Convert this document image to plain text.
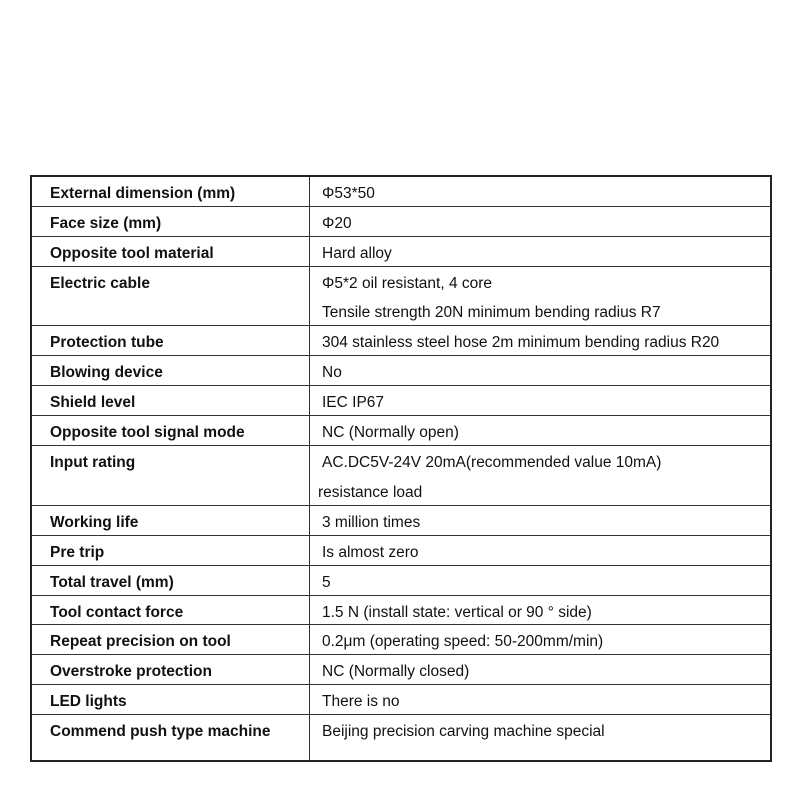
External dimension (mm)	Φ53*50
Face size (mm)	Φ20
Opposite tool material	Hard alloy
Electric cable	Φ5*2 oil resistant, 4 core
Tensile strength 20N minimum bending radius R7
Protection tube	304 stainless steel hose 2m minimum bending radius R20
Blowing device	No
Shield level	IEC IP67
Opposite tool signal mode	NC (Normally open)
Input rating	AC.DC5V-24V 20mA(recommended value 10mA)
resistance load
Working life	3 million times
Pre trip	Is almost zero
Total travel (mm)	5
Tool contact force	1.5 N (install state: vertical or 90 ° side)
Repeat precision on tool	0.2μm (operating speed: 50-200mm/min)
Overstroke protection	NC (Normally closed)
LED lights	There is no
Commend push type machine	Beijing precision carving machine special
